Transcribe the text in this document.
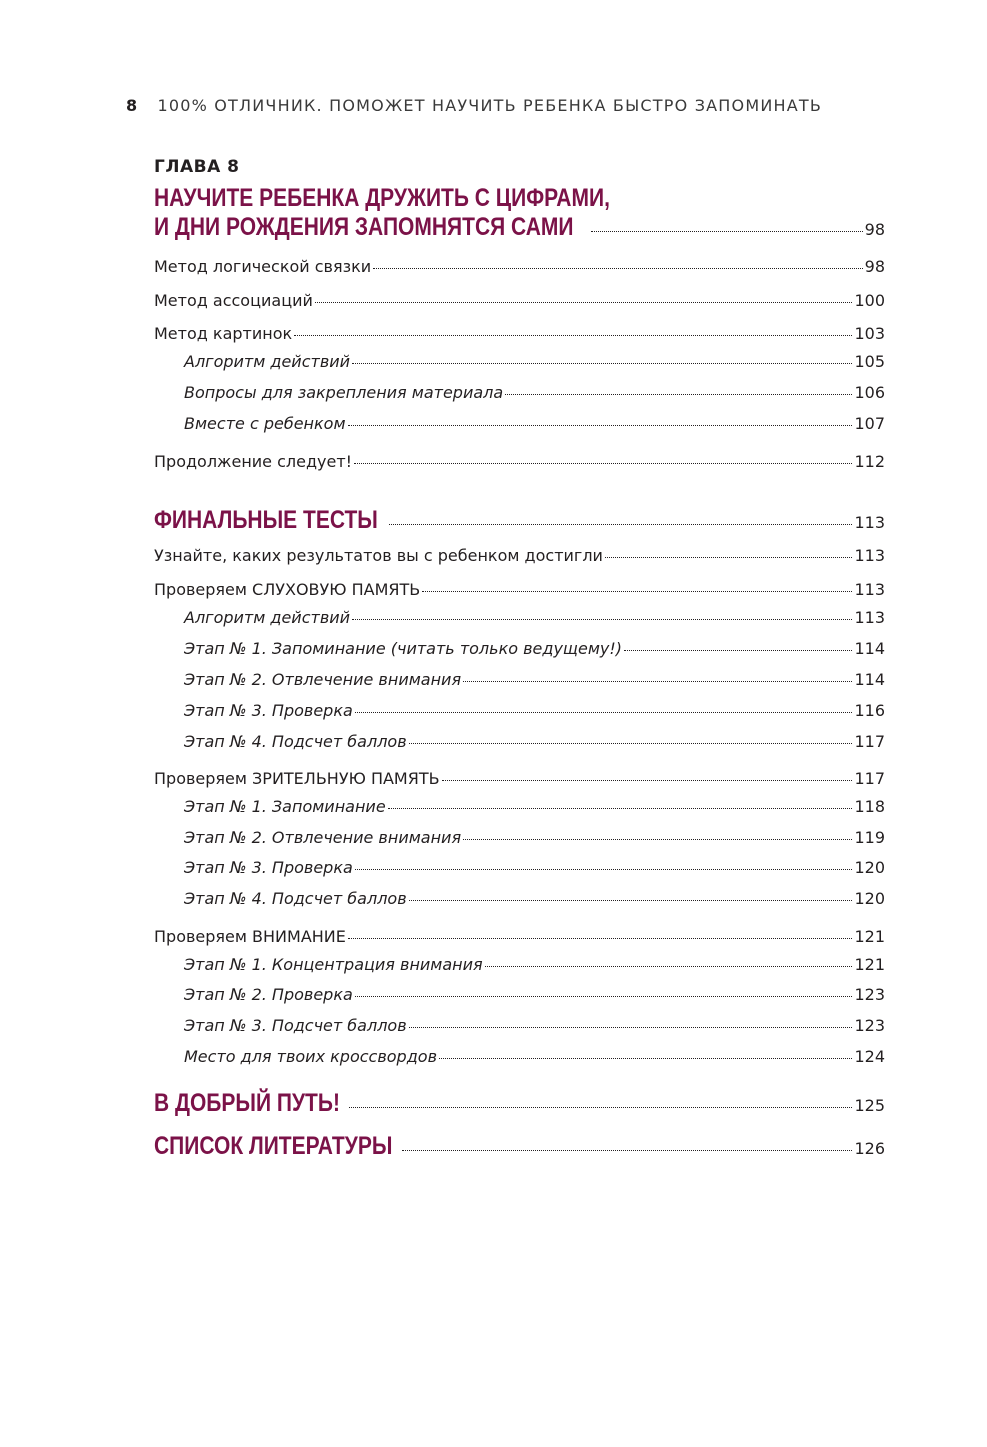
8 100% ОТЛИЧНИК. ПОМОЖЕТ НАУЧИТЬ РЕБЕНКА БЫСТРО ЗАПОМИНАТЬ
ГЛАВА 8
НАУЧИТЕ РЕБЕНКА ДРУЖИТЬ С ЦИФРАМИ,
И ДНИ РОЖДЕНИЯ ЗАПОМНЯТСЯ САМИ	98
Метод логической связки	98
Метод ассоциаций	100
Метод картинок	103
Алгоритм действий	105
Вопросы для закрепления материала	106
Вместе с ребенком	107
Продолжение следует!	112
ФИНАЛЬНЫЕ ТЕСТЫ	113
Узнайте, каких результатов вы с ребенком достигли	113
Проверяем СЛУХОВУЮ ПАМЯТЬ	113
Алгоритм действий	113
Этап № 1. Запоминание (читать только ведущему!)	114
Этап № 2. Отвлечение внимания	114
Этап № 3. Проверка	116
Этап № 4. Подсчет баллов	117
Проверяем ЗРИТЕЛЬНУЮ ПАМЯТЬ	117
Этап № 1. Запоминание	118
Этап № 2. Отвлечение внимания	119
Этап № 3. Проверка	120
Этап № 4. Подсчет баллов	120
Проверяем ВНИМАНИЕ	121
Этап № 1. Концентрация внимания	121
Этап № 2. Проверка	123
Этап № 3. Подсчет баллов	123
Место для твоих кроссвордов	124
В ДОБРЫЙ ПУТЬ!	125
СПИСОК ЛИТЕРАТУРЫ	126
